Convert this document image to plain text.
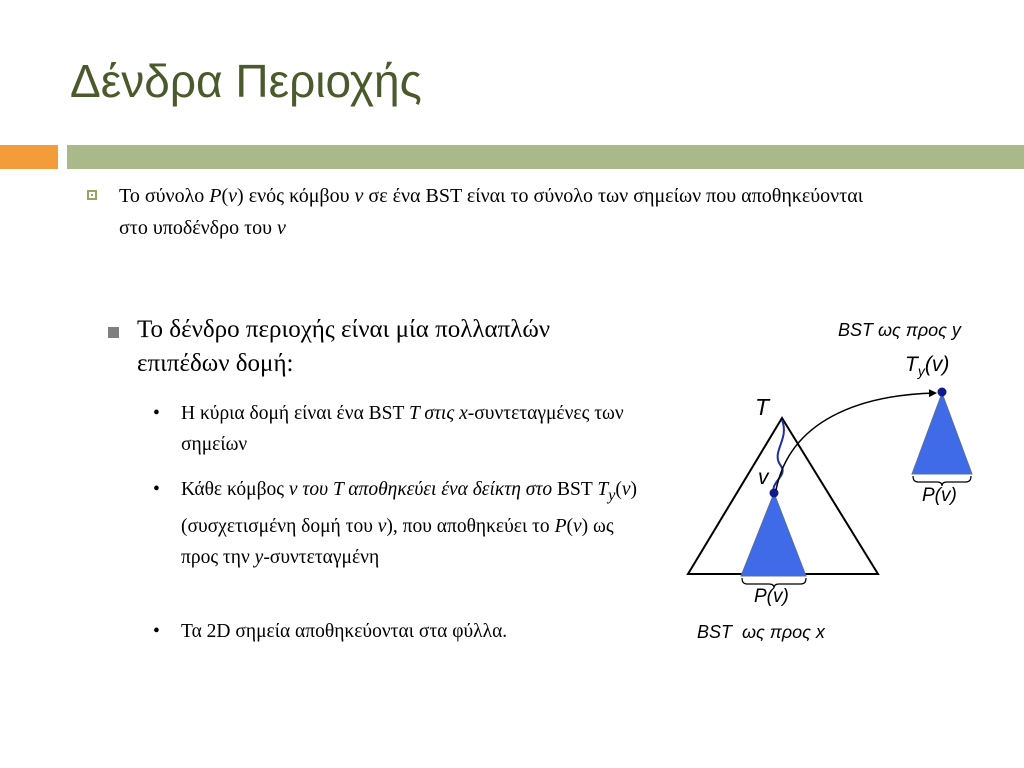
Δένδρα Περιοχής
Το σύνολο P(v) ενός κόμβου v σε ένα BST είναι το σύνολο των σημείων που αποθηκεύονται στο υποδένδρο του v
Το δένδρο περιοχής είναι μία πολλαπλών επιπέδων δομή:
• Η κύρια δομή είναι ένα BST T στις x-συντεταγμένες των σημείων
• Κάθε κόμβος v του T αποθηκεύει ένα δείκτη στο BST $T_y(v)$ (συσχετισμένη δομή του v), που αποθηκεύει το P(v) ως προς την y-συντεταγμένη
• Τα 2D σημεία αποθηκεύονται στα φύλλα.
BST ως προς y
$T_y(v)$
T
v
P(v)
P(v)
BST  ως προς x
